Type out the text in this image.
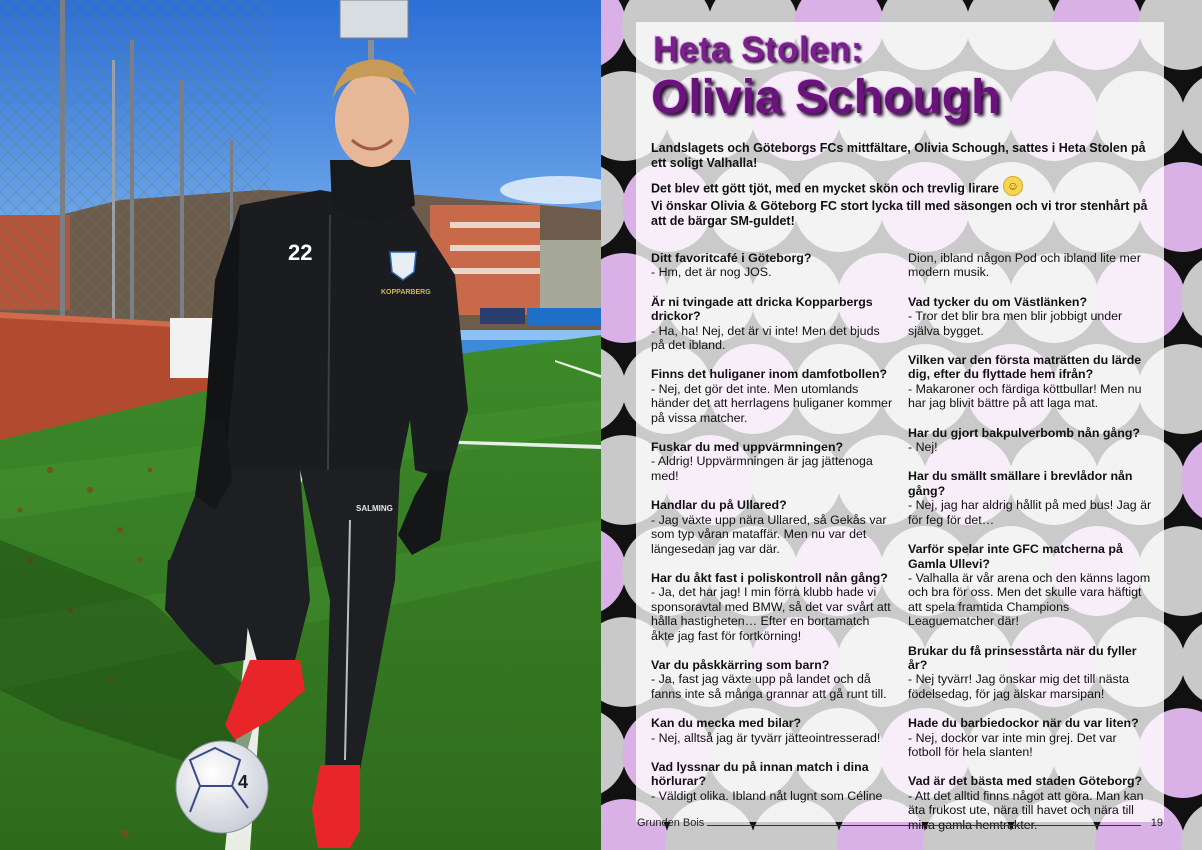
22
KOPPARBERG
SALMING
4
Heta Stolen:
Olivia Schough

Landslagets och Göteborgs FCs mittfältare, Olivia Schough, sattes i Heta Stolen på ett soligt Valhalla!

Det blev ett gött tjöt, med en mycket skön och trevlig lirare ☺
Vi önskar Olivia & Göteborg FC stort lycka till med säsongen och vi tror stenhårt på att de bärgar SM-guldet!

Ditt favoritcafé i Göteborg?
- Hm, det är nog JOS.
Är ni tvingade att dricka Kopparbergs drickor?
- Ha, ha! Nej, det är vi inte! Men det bjuds på det ibland.
Finns det huliganer inom damfotbollen?
- Nej, det gör det inte. Men utomlands händer det att herrlagens huliganer kommer på vissa matcher.
Fuskar du med uppvärmningen?
- Aldrig! Uppvärmningen är jag jättenoga med!
Handlar du på Ullared?
- Jag växte upp nära Ullared, så Gekås var som typ våran mataffär. Men nu var det längesedan jag var där.
Har du åkt fast i poliskontroll nån gång?
- Ja, det har jag! I min förra klubb hade vi sponsoravtal med BMW, så det var svårt att hålla hastigheten… Efter en bortamatch åkte jag fast för fortkörning!
Var du påskkärring som barn?
- Ja, fast jag växte upp på landet och då fanns inte så många grannar att gå runt till.
Kan du mecka med bilar?
- Nej, alltså jag är tyvärr jätteointresserad!
Vad lyssnar du på innan match i dina hörlurar?
- Väldigt olika. Ibland nåt lugnt som Céline
Dion, ibland någon Pod och ibland lite mer modern musik.
Vad tycker du om Västlänken?
- Tror det blir bra men blir jobbigt under själva bygget.
Vilken var den första maträtten du lärde dig, efter du flyttade hem ifrån?
- Makaroner och färdiga köttbullar! Men nu har jag blivit bättre på att laga mat.
Har du gjort bakpulverbomb nån gång?
- Nej!
Har du smällt smällare i brevlådor nån gång?
- Nej, jag har aldrig hållit på med bus! Jag är för feg för det…
Varför spelar inte GFC matcherna på Gamla Ullevi?
- Valhalla är vår arena och den känns lagom och bra för oss. Men det skulle vara häftigt att spela framtida Champions Leaguematcher där!
Brukar du få prinsesstårta när du fyller år?
- Nej tyvärr! Jag önskar mig det till nästa födelsedag, för jag älskar marsipan!
Hade du barbiedockor när du var liten?
- Nej, dockor var inte min grej. Det var fotboll för hela slanten!
Vad är det bästa med staden Göteborg?
- Att det alltid finns något att göra. Man kan äta frukost ute, nära till havet och nära till mina gamla hemtrakter.
Grunden Bois	19
